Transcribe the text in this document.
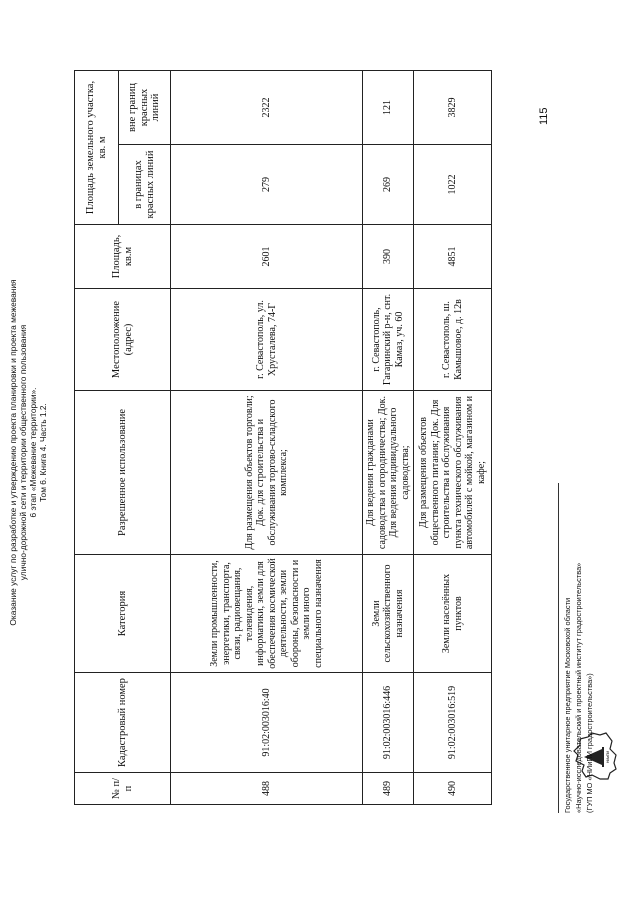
Оказание услуг по разработке и утверждению проекта планировки и проекта межевания улично-дорожной сети и территории общественного пользования 6 этап «Межевание территории». Том 6. Книга 4. Часть 1.2.
115
№ п/п	Кадастровый номер	Категория	Разрешенное использование	Местоположение (адрес)	Площадь, кв.м	Площадь земельного участка, кв. м	
						в границах красных линий	вне границ красных линий
488	91:02:003016:40	Земли промышленности, энергетики, транспорта, связи, радиовещания, телевидения, информатики, земли для обеспечения космической деятельности, земли обороны, безопасности и земли иного специального назначения	Для размещения объектов торговли; Док. для строительства и обслуживания торгово-складского комплекса;	г. Севастополь, ул. Хрусталева, 74-Г	2601	279	2322
489	91:02:003016:446	Земли сельскохозяйственного назначения	Для ведения гражданами садоводства и огородничества; Док. Для ведения индивидуального садоводства;	г. Севастополь, Гагаринский р-н, снт. Камаз, уч. 60	390	269	121
490	91:02:003016:519	Земли населённых пунктов	Для размещения объектов общественного питания; Док. Для строительства и обслуживания пункта технического обслуживания автомобилей с мойкой, магазином и кафе;	г. Севастополь, ш. Камышовое, д. 12в	4851	1022	3829
НИиПИ
Государственное унитарное предприятие Московской области «Научно-исследовательский и проектный институт градостроительства» (ГУП МО «НИиПИ градостроительства»)
